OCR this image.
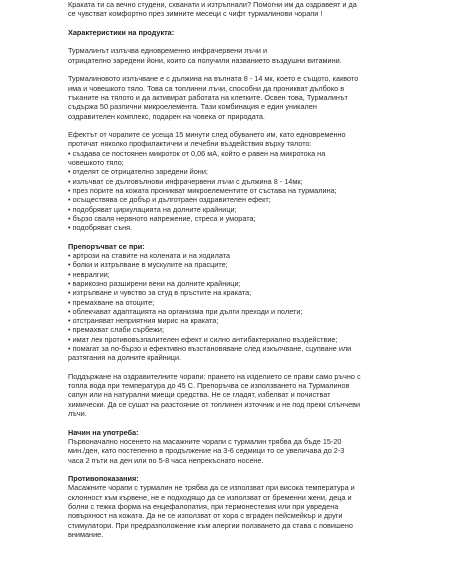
Краката ти са вечно студени, схванати и изтръпнали? Помогни им да оздравеят и да

се чувстват комфортно през зимните месеци с чифт турмалинови чорапи !

Характеристики на продукта:

Турмалинът излъчва едновременно инфрачервени лъчи и

отрицателно заредени йони, които са получили названието въздушни витамини.

Турмалиновото излъчване е с дължина на вълната 8 - 14 мк, което е същото, каквото

има и човешкото тяло. Това са топлинни лъчи, способни да проникват дълбоко в

тъканите на тялото и да активират работата на клетките. Освен това, Турмалинът

съдържа 50 различни микроелемента. Тази комбинация е един уникален

оздравителен комплекс, подарен на човека от природата.

Ефектът от чорапите се усеща 15 минути след обуването им, като едновременно

протичат няколко профилактични и лечебни въздействия върху тялото:

• създава се постоянен микроток от 0,06 мА, който е равен на микротока на
човешкото тяло;
• отделят се отрицателно заредени йони;
• излъчват се дълговълнови инфрачервени лъчи с дължина 8 - 14мк;
• през порите на кожата проникват микроелементите от състава на турмалина;
• осъществява се добър и дълготраен оздравителен ефект;
• подобряват циркулацията на долните крайници;
• бързо сваля нервното напрежение, стреса и умората;
• подобряват съня.

Препоръчват се при:

• артрози на ставите на колената и на ходилата
• болки и изтръпване в мускулите на прасците;
• невралгии;
• варикозно разширени вени на долните крайници;
• изтръпване и чувство за студ в пръстите на краката;
• премахване на отоците;
• облекчават адаптацията на организма при дълги преходи и полети;
• отстраняват неприятния мирис на краката;
• премахват слаби сърбежи;
• имат лек противовъзпалителен ефект и силно антибактериално въздействие;
• помагат за по-бързо и ефективно възстановяване след изкълчване, сцупване или
разтягания на долните крайници.

Поддържане на оздравителните чорапи: прането на изделието се прави само ръчно с

топла вода при температура до 45 С. Препоръчва се използването на Турмалинов

сапун или на натурални миещи средства. Не се гладят, избелват и почистват

химически. Да се сушат на разстояние от топлинен източник и не под преки слънчеви

лъчи.

Начин на употреба:

Първоначално носенето на масажните чорапи с турмалин трябва да бъде 15-20

мин./ден, като постепенно в продължение на 3-6 седмици то се увеличава до 2-3

часа 2 пъти на ден или по 5-8 часа непрекъснато носене.

Противопоказания:

Масажните чорапи с турмалин не трябва да се използват при висока температура и

склонност към кървене, не е подходящо да се използват от бременни жени, деца и

болни с тежка форма на енцефалопатия, при термонестезия или при увредена

повърхност на кожата. Да не се използват от хора с вграден пейсмейкър и други

стимулатори. При предразположение към алергии ползването да става с повишено

внимание.
